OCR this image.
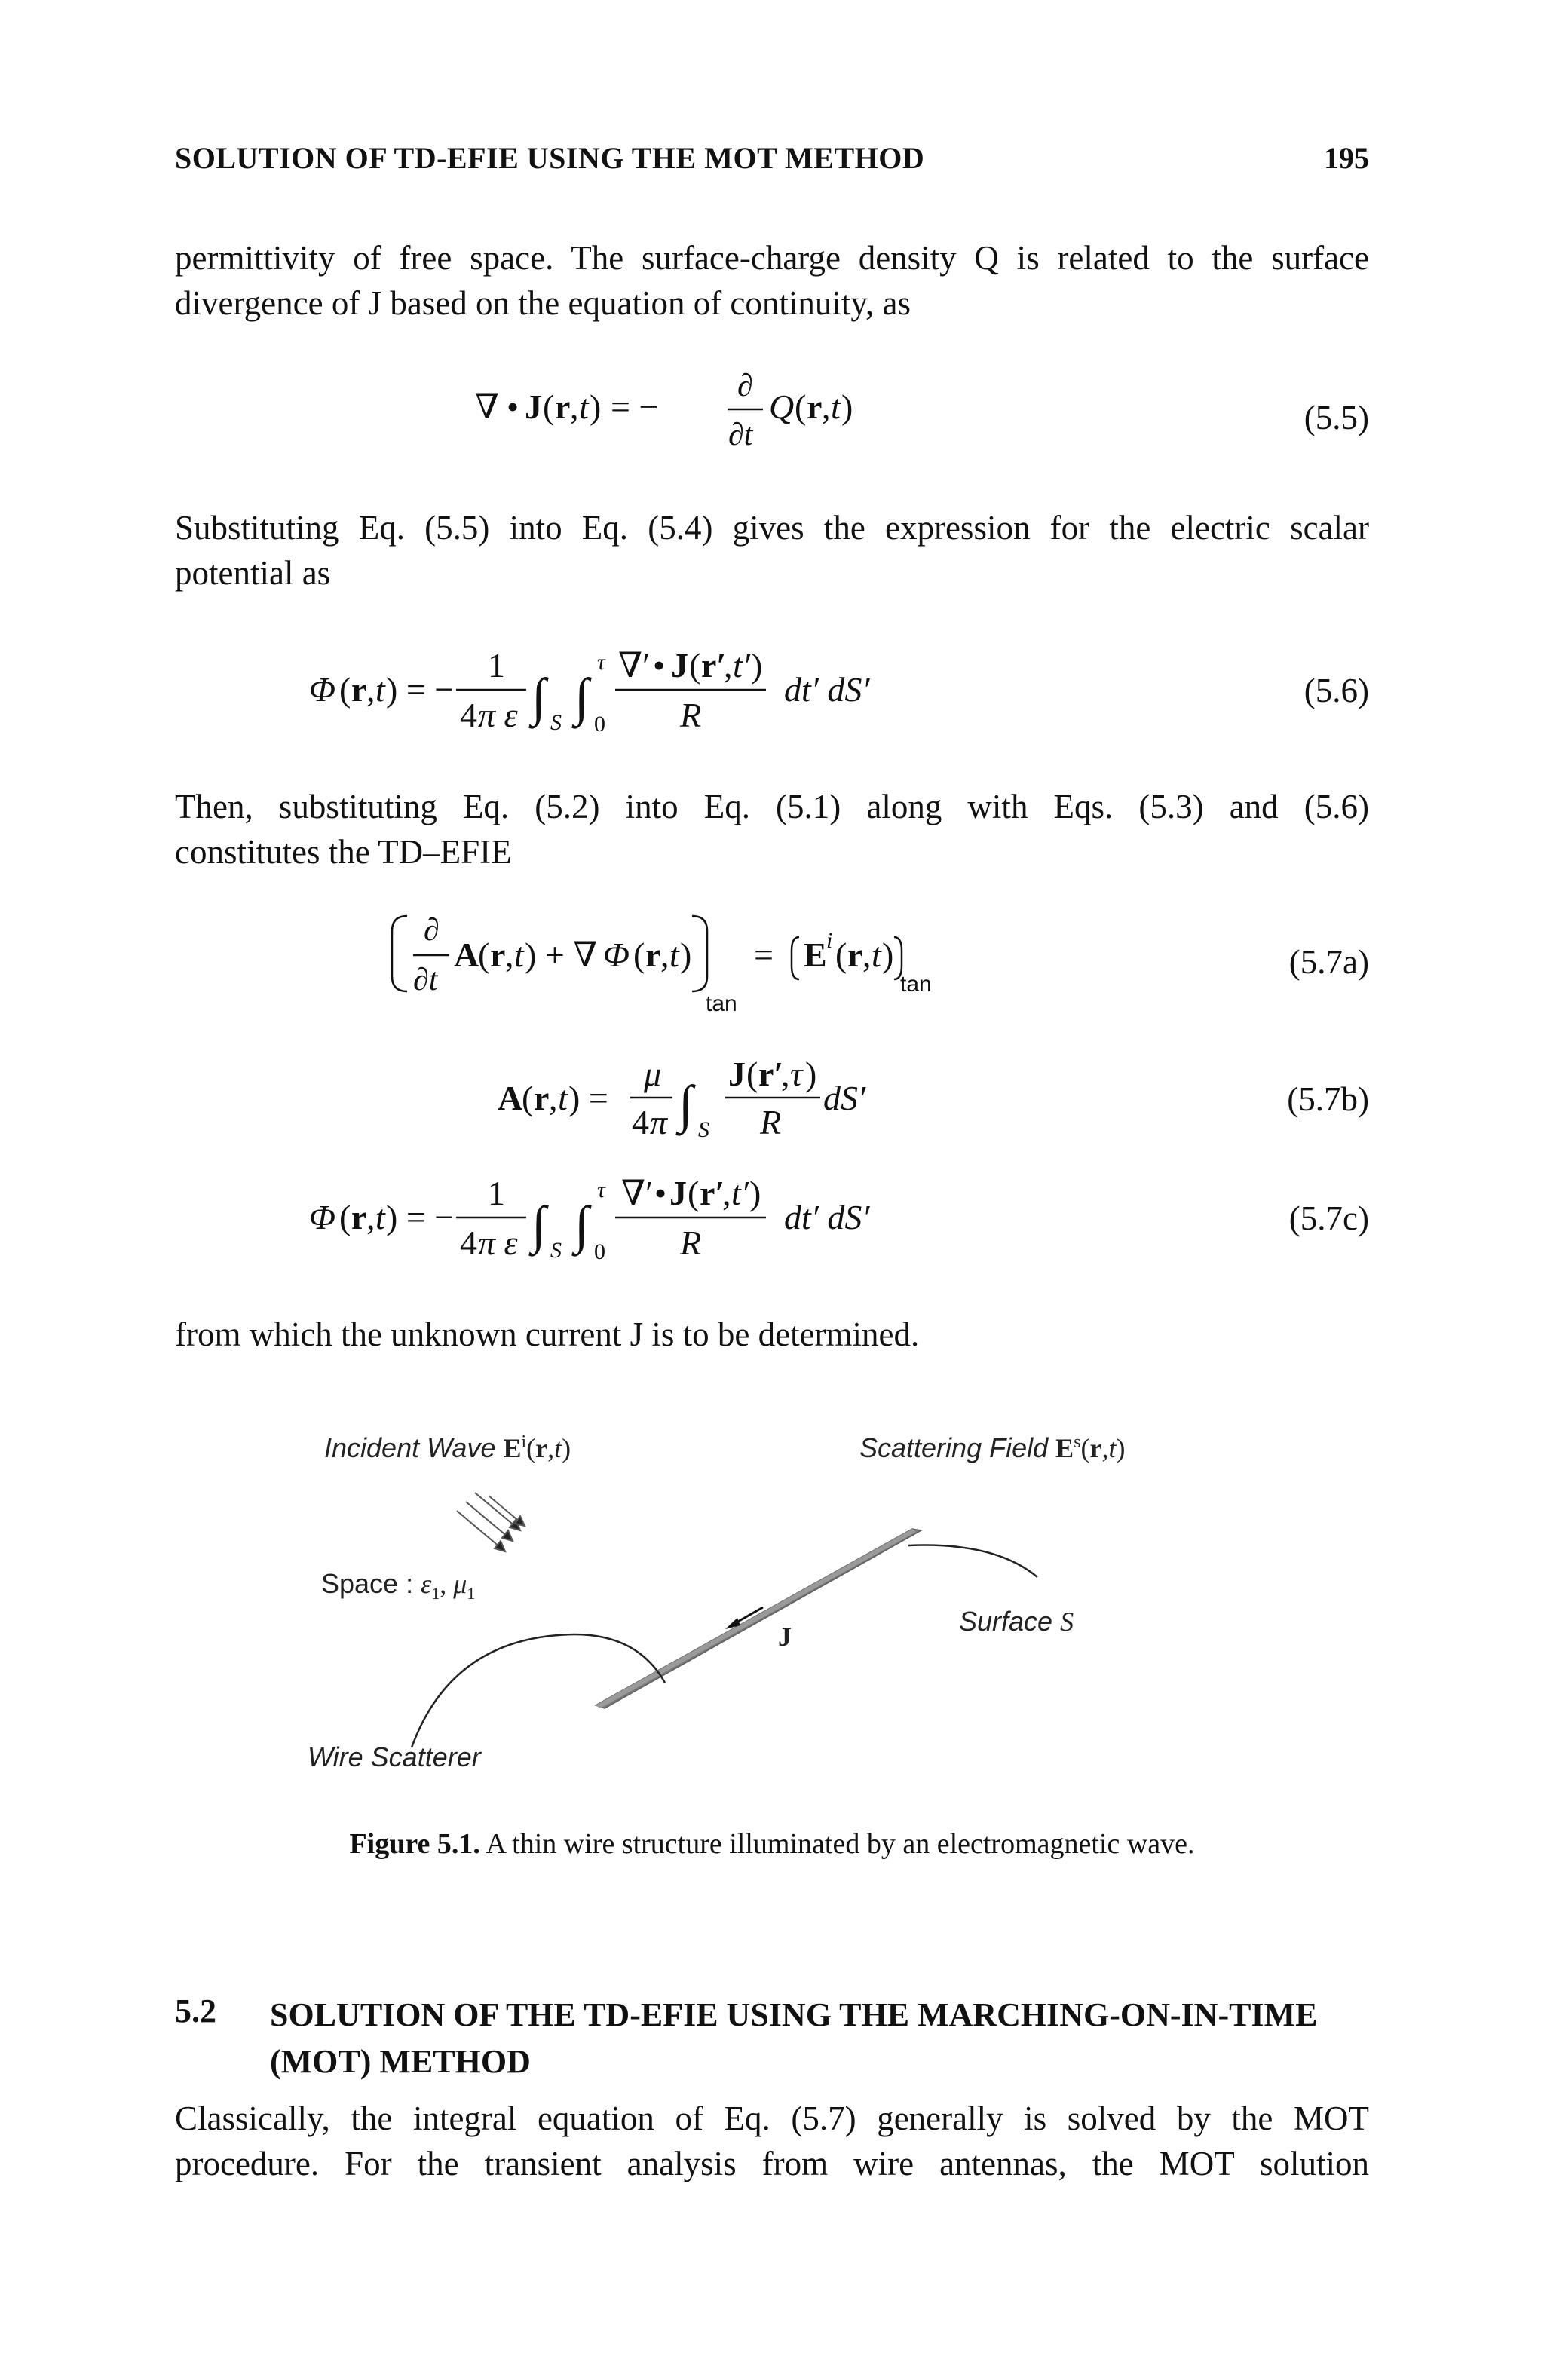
SOLUTION OF TD-EFIE USING THE MOT METHOD	195
permittivity of free space. The surface-charge density Q is related to the surface
divergence of J based on the equation of continuity, as
∇ • J ( r , t ) = −
∂
∂t
Q ( r , t )	(5.5)
Substituting Eq. (5.5) into Eq. (5.4) gives the expression for the electric scalar
potential as
Φ ( r , t ) = −
1
4 π ε ∫ S ∫
τ
0
∇′ • J ( r′
, t′ )
R
dt′ dS′	(5.6)
Then, substituting Eq. (5.2) into Eq. (5.1) along with Eqs. (5.3) and (5.6)
constitutes the TD–EFIE
∂
∂t
A
( r , t ) + ∇ Φ ( r , t )
tan
= E i ( r , t )
tan
(5.7a)
A
( r , t ) =
μ
4 π ∫ S
J ( r′
, τ )
R
dS′	(5.7b)
Φ ( r , t ) = −
1
4 π ε ∫ S ∫
τ
0
∇′ • J ( r′
, t′ )
R
dt′ dS′	(5.7c)
from which the unknown current J is to be determined.
Incident Wave $E^i(r,t)$	Scattering Field $E^s(r,t)$
Space : $\varepsilon_1$, $\mu_1$
J	Surface S
Wire Scatterer
Figure 5.1. A thin wire structure illuminated by an electromagnetic wave.
5.2 SOLUTION OF THE TD-EFIE USING THE MARCHING-ON-IN-TIME (MOT) METHOD
Classically, the integral equation of Eq. (5.7) generally is solved by the MOT
procedure. For the transient analysis from wire antennas, the MOT solution
